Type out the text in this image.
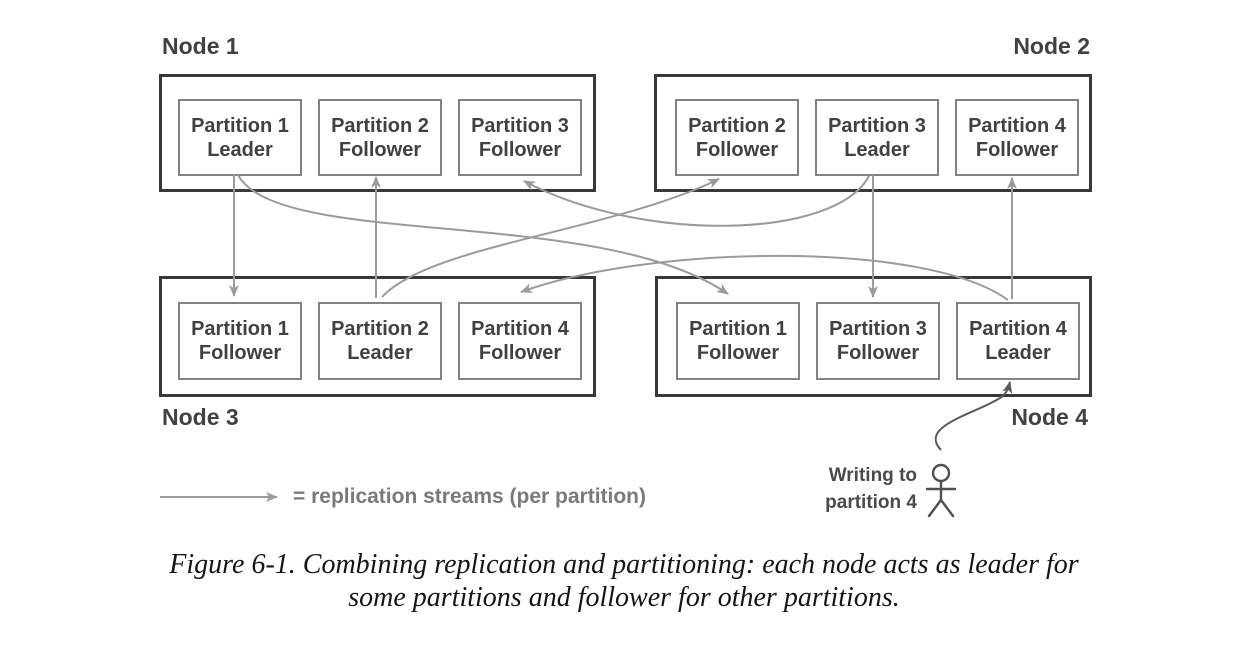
Node 1	Node 2
Node 3	Node 4
Partition 1
Leader
Partition 2
Follower
Partition 3
Follower
Partition 2
Follower
Partition 3
Leader
Partition 4
Follower
Partition 1
Follower
Partition 2
Leader
Partition 4
Follower
Partition 1
Follower
Partition 3
Follower
Partition 4
Leader
= replication streams (per partition)
Writing to
partition 4
Figure 6-1. Combining replication and partitioning: each node acts as leader for
some partitions and follower for other partitions.
